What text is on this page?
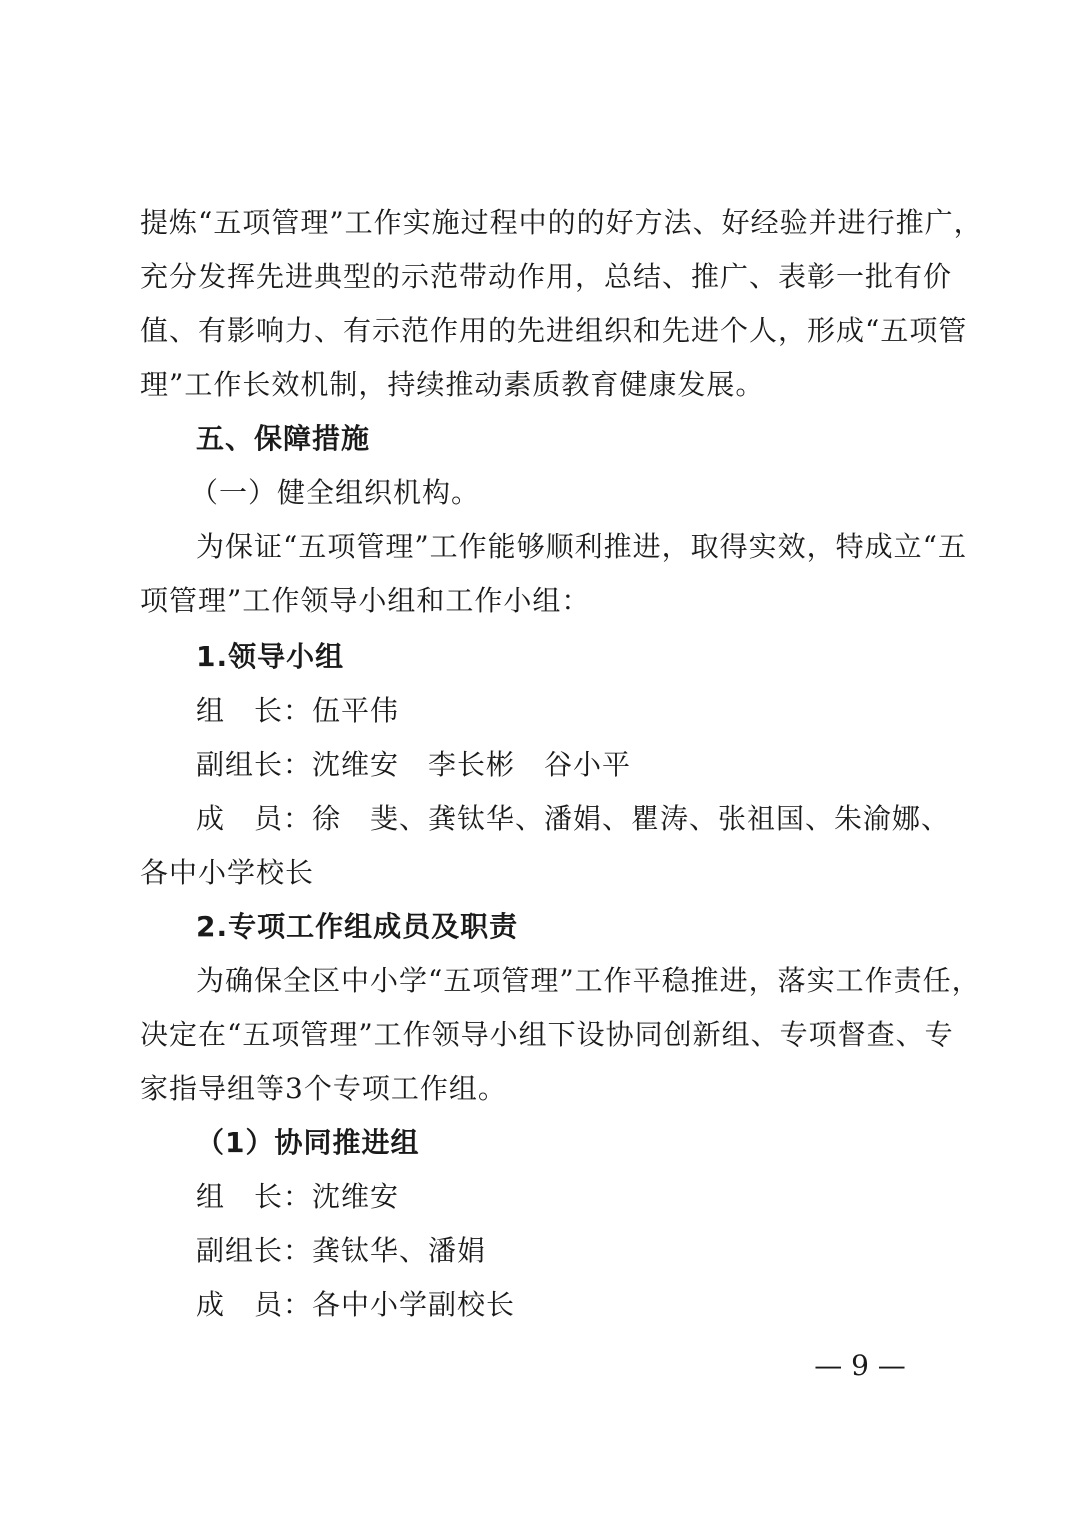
提炼“五项管理”工作实施过程中的的好方法、好经验并进行推广，
充分发挥先进典型的示范带动作用，总结、推广、表彰一批有价
值、有影响力、有示范作用的先进组织和先进个人，形成“五项管
理”工作长效机制，持续推动素质教育健康发展。
五、保障措施
（一）健全组织机构。
为保证“五项管理”工作能够顺利推进，取得实效，特成立“五
项管理”工作领导小组和工作小组：
1.领导小组
组　长：伍平伟
副组长：沈维安　李长彬　谷小平
成　员：徐　斐、龚钛华、潘娟、瞿涛、张祖国、朱渝娜、
各中小学校长
2.专项工作组成员及职责
为确保全区中小学“五项管理”工作平稳推进，落实工作责任，
决定在“五项管理”工作领导小组下设协同创新组、专项督查、专
家指导组等3个专项工作组。
（1）协同推进组
组　长：沈维安
副组长：龚钛华、潘娟
成　员：各中小学副校长
— 9 —
